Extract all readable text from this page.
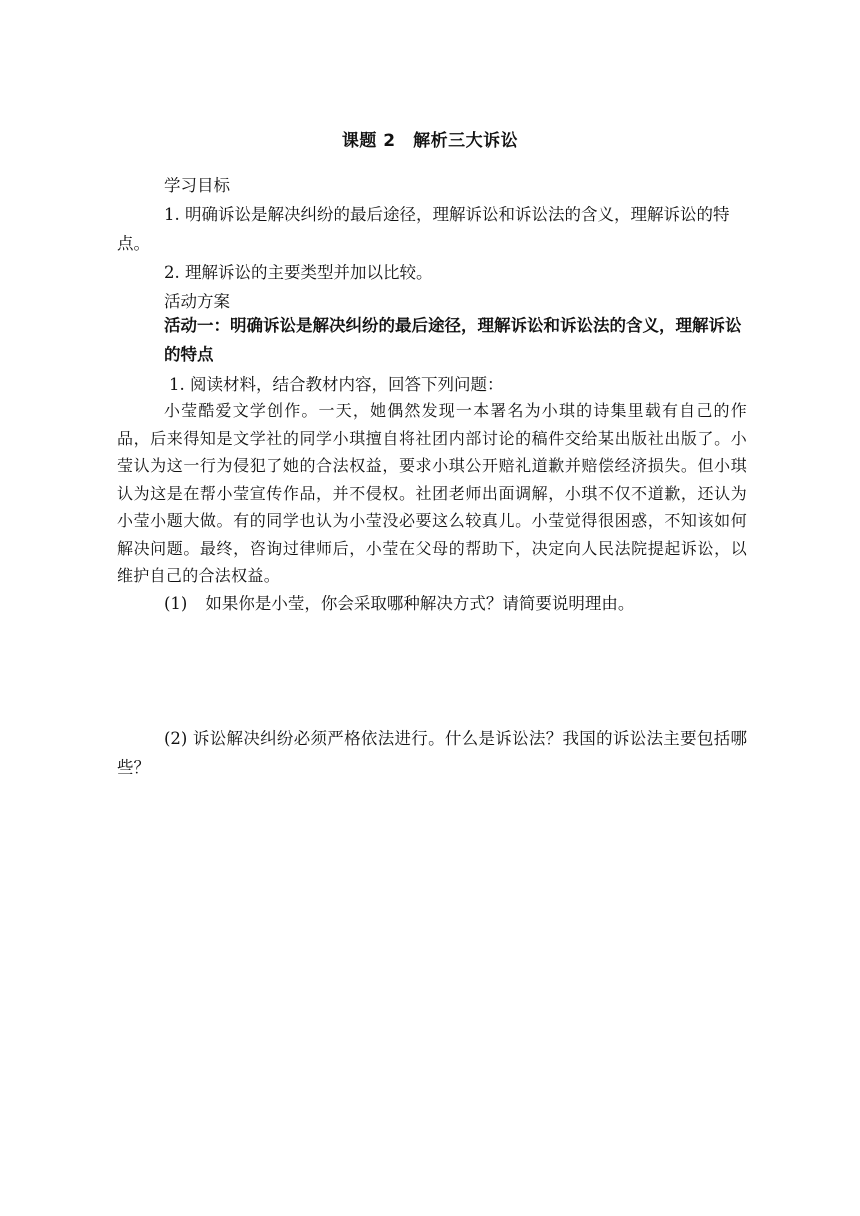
课题 2　解析三大诉讼

学习目标

1. 明确诉讼是解决纠纷的最后途径，理解诉讼和诉讼法的含义，理解诉讼的特点。

2. 理解诉讼的主要类型并加以比较。

活动方案

活动一：明确诉讼是解决纠纷的最后途径，理解诉讼和诉讼法的含义，理解诉讼的特点

1. 阅读材料，结合教材内容，回答下列问题：

小莹酷爱文学创作。一天，她偶然发现一本署名为小琪的诗集里载有自己的作品，后来得知是文学社的同学小琪擅自将社团内部讨论的稿件交给某出版社出版了。小莹认为这一行为侵犯了她的合法权益，要求小琪公开赔礼道歉并赔偿经济损失。但小琪认为这是在帮小莹宣传作品，并不侵权。社团老师出面调解，小琪不仅不道歉，还认为小莹小题大做。有的同学也认为小莹没必要这么较真儿。小莹觉得很困惑，不知该如何解决问题。最终，咨询过律师后，小莹在父母的帮助下，决定向人民法院提起诉讼，以维护自己的合法权益。
(1) 如果你是小莹，你会采取哪种解决方式？请简要说明理由。
(2) 诉讼解决纠纷必须严格依法进行。什么是诉讼法？我国的诉讼法主要包括哪些？
